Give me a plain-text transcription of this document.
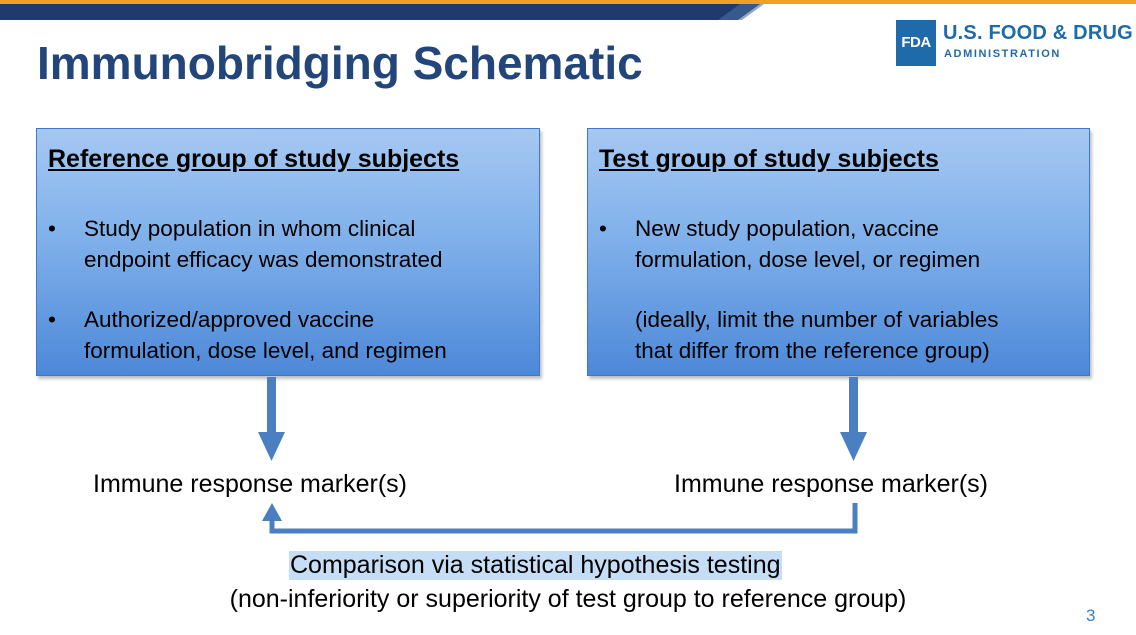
Immunobridging Schematic	FDA U.S. FOOD & DRUG
ADMINISTRATION
Reference group of study subjects
•	Study population in whom clinical
endpoint efficacy was demonstrated
•	Authorized/approved vaccine
formulation, dose level, and regimen
Test group of study subjects
•	New study population, vaccine
formulation, dose level, or regimen
(ideally, limit the number of variables
that differ from the reference group)

Immune response marker(s)	Immune response marker(s)

Comparison via statistical hypothesis testing
(non-inferiority or superiority of test group to reference group)
3
